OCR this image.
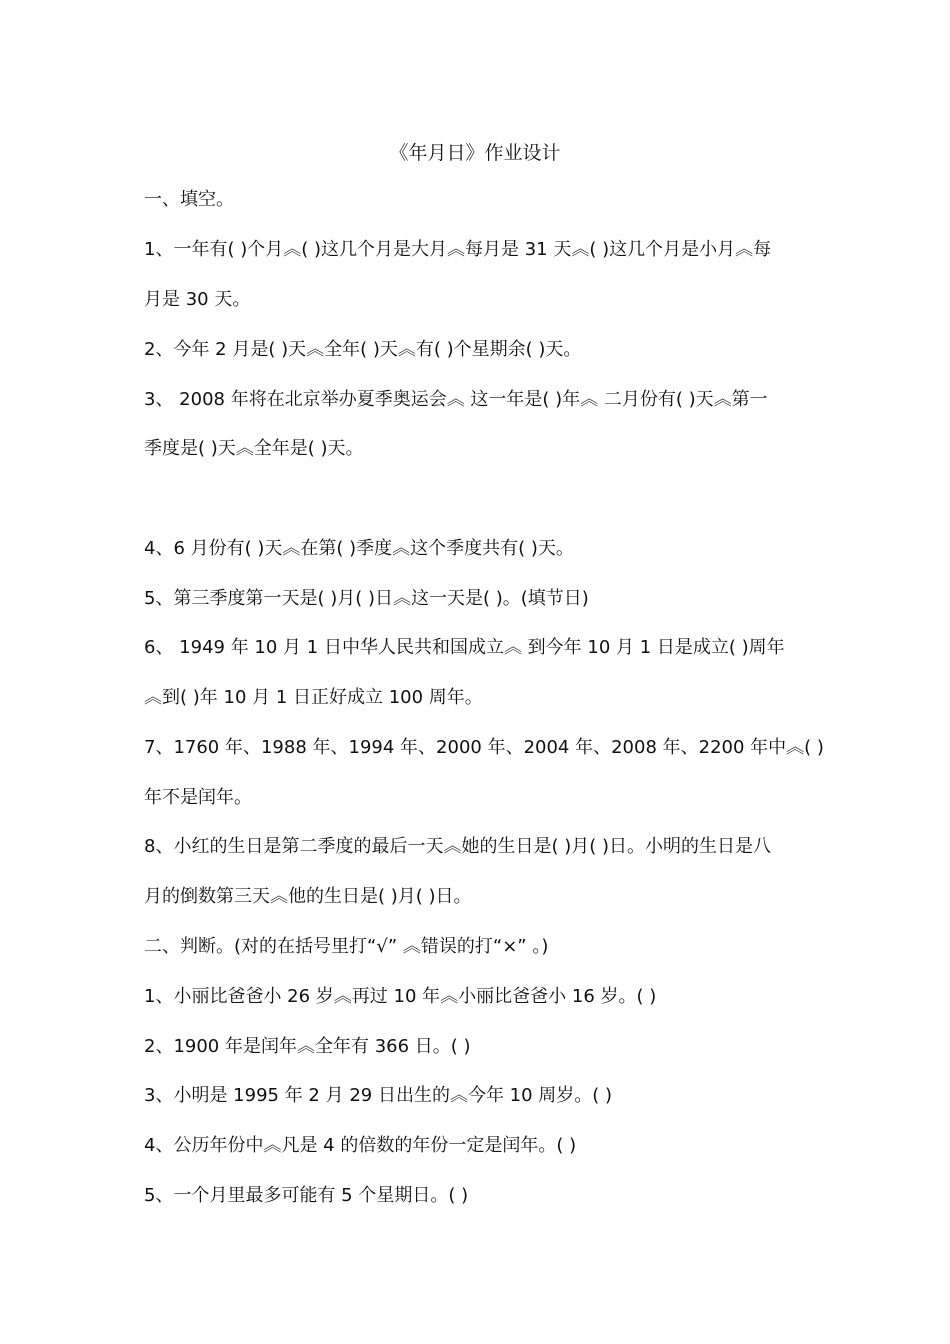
《年月日》作业设计
一、填空。
1、一年有( )个月︽( )这几个月是大月︽每月是 31 天︽( )这几个月是小月︽每
月是 30 天。
2、今年 2 月是( )天︽全年( )天︽有( )个星期余( )天。
3、 2008 年将在北京举办夏季奥运会︽ 这一年是( )年︽ 二月份有( )天︽第一
季度是( )天︽全年是( )天。
4、6 月份有( )天︽在第( )季度︽这个季度共有( )天。
5、第三季度第一天是( )月( )日︽这一天是( )。(填节日)
6、 1949 年 10 月 1 日中华人民共和国成立︽ 到今年 10 月 1 日是成立( )周年
︽到( )年 10 月 1 日正好成立 100 周年。
7、1760 年、1988 年、1994 年、2000 年、2004 年、2008 年、2200 年中︽( )
年不是闰年。
8、小红的生日是第二季度的最后一天︽她的生日是( )月( )日。小明的生日是八
月的倒数第三天︽他的生日是( )月( )日。
二、判断。(对的在括号里打“√” ︽错误的打“×” 。)
1、小丽比爸爸小 26 岁︽再过 10 年︽小丽比爸爸小 16 岁。( )
2、1900 年是闰年︽全年有 366 日。( )
3、小明是 1995 年 2 月 29 日出生的︽今年 10 周岁。( )
4、公历年份中︽凡是 4 的倍数的年份一定是闰年。( )
5、一个月里最多可能有 5 个星期日。( )
